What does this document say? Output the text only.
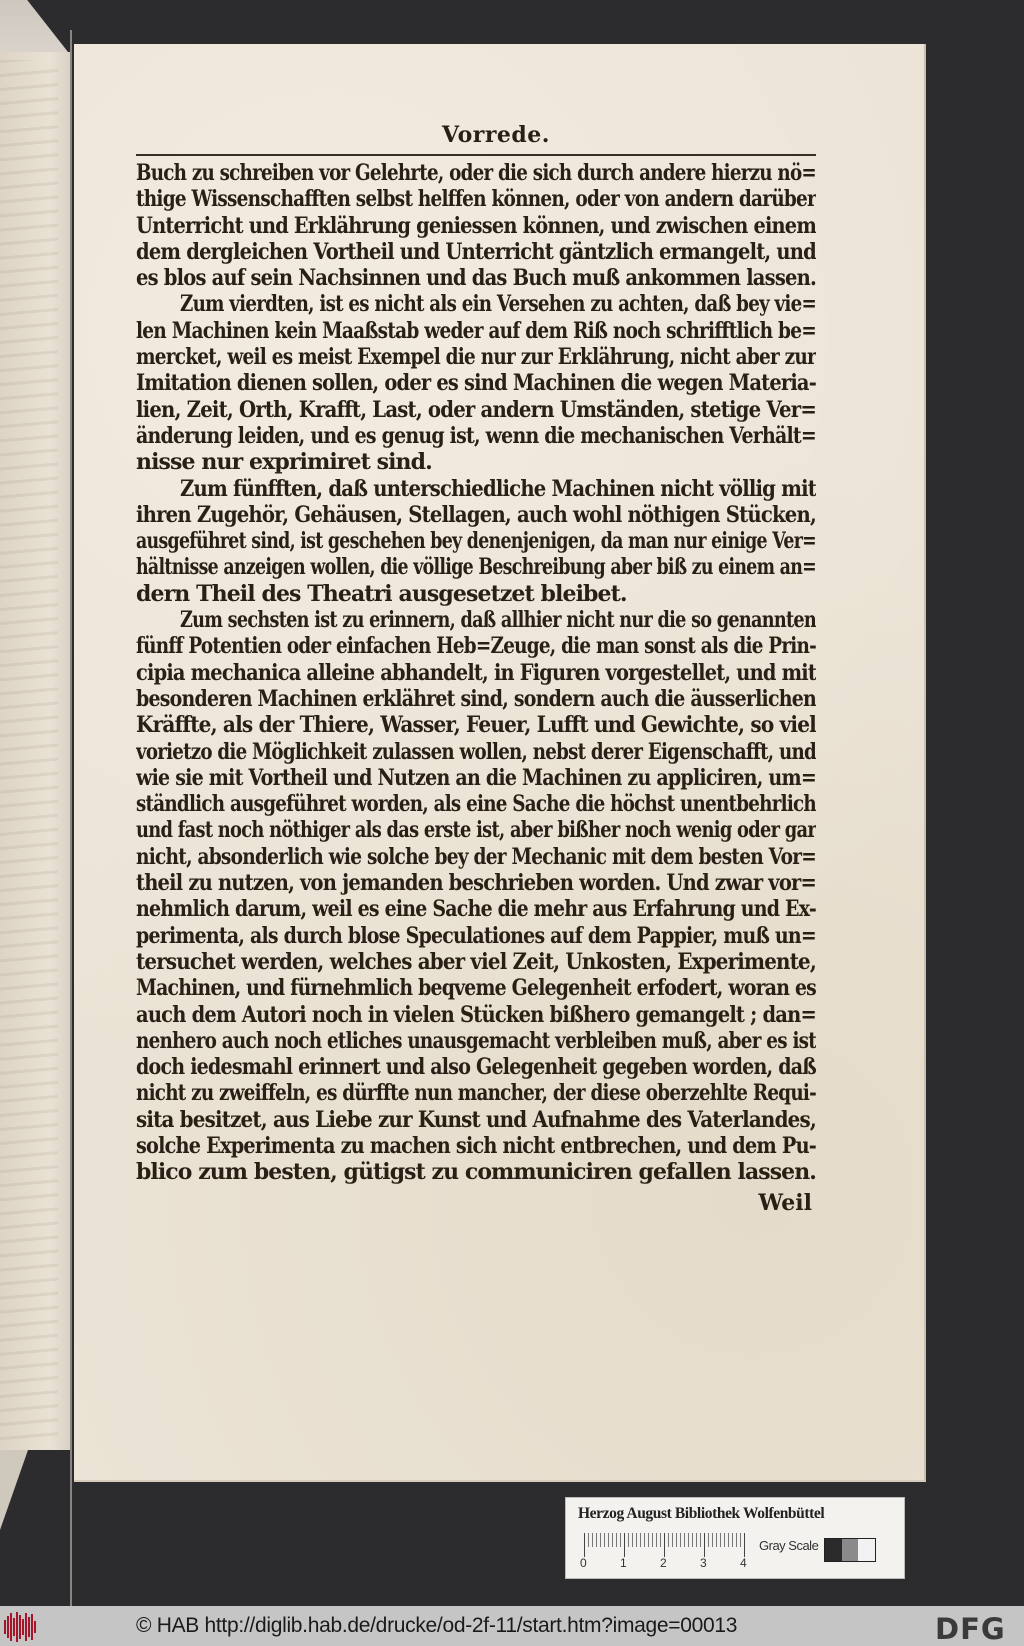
Vorrede.
Buch zu schreiben vor Gelehrte, oder die sich durch andere hierzu nö=
thige Wissenschafften selbst helffen können, oder von andern darüber
Unterricht und Erklährung geniessen können, und zwischen einem
dem dergleichen Vortheil und Unterricht gäntzlich ermangelt, und
es blos auf sein Nachsinnen und das Buch muß ankommen lassen.
Zum vierdten, ist es nicht als ein Versehen zu achten, daß bey vie=
len Machinen kein Maaßstab weder auf dem Riß noch schrifftlich be=
mercket, weil es meist Exempel die nur zur Erklährung, nicht aber zur
Imitation dienen sollen, oder es sind Machinen die wegen Materia-
lien, Zeit, Orth, Krafft, Last, oder andern Umständen, stetige Ver=
änderung leiden, und es genug ist, wenn die mechanischen Verhält=
nisse nur exprimiret sind.
Zum fünfften, daß unterschiedliche Machinen nicht völlig mit
ihren Zugehör, Gehäusen, Stellagen, auch wohl nöthigen Stücken,
ausgeführet sind, ist geschehen bey denenjenigen, da man nur einige Ver=
hältnisse anzeigen wollen, die völlige Beschreibung aber biß zu einem an=
dern Theil des Theatri ausgesetzet bleibet.
Zum sechsten ist zu erinnern, daß allhier nicht nur die so genannten
fünff Potentien oder einfachen Heb=Zeuge, die man sonst als die Prin-
cipia mechanica alleine abhandelt, in Figuren vorgestellet, und mit
besonderen Machinen erklähret sind, sondern auch die äusserlichen
Kräffte, als der Thiere, Wasser, Feuer, Lufft und Gewichte, so viel
vorietzo die Möglichkeit zulassen wollen, nebst derer Eigenschafft, und
wie sie mit Vortheil und Nutzen an die Machinen zu appliciren, um=
ständlich ausgeführet worden, als eine Sache die höchst unentbehrlich
und fast noch nöthiger als das erste ist, aber bißher noch wenig oder gar
nicht, absonderlich wie solche bey der Mechanic mit dem besten Vor=
theil zu nutzen, von jemanden beschrieben worden. Und zwar vor=
nehmlich darum, weil es eine Sache die mehr aus Erfahrung und Ex-
perimenta, als durch blose Speculationes auf dem Pappier, muß un=
tersuchet werden, welches aber viel Zeit, Unkosten, Experimente,
Machinen, und fürnehmlich beqveme Gelegenheit erfodert, woran es
auch dem Autori noch in vielen Stücken bißhero gemangelt ; dan=
nenhero auch noch etliches unausgemacht verbleiben muß, aber es ist
doch iedesmahl erinnert und also Gelegenheit gegeben worden, daß
nicht zu zweiffeln, es dürffte nun mancher, der diese oberzehlte Requi-
sita besitzet, aus Liebe zur Kunst und Aufnahme des Vaterlandes,
solche Experimenta zu machen sich nicht entbrechen, und dem Pu-
blico zum besten, gütigst zu communiciren gefallen lassen.
Weil
Herzog August Bibliothek Wolfenbüttel
0	1	2	3	4
Gray Scale
© HAB http://diglib.hab.de/drucke/od-2f-11/start.htm?image=00013	DFG
